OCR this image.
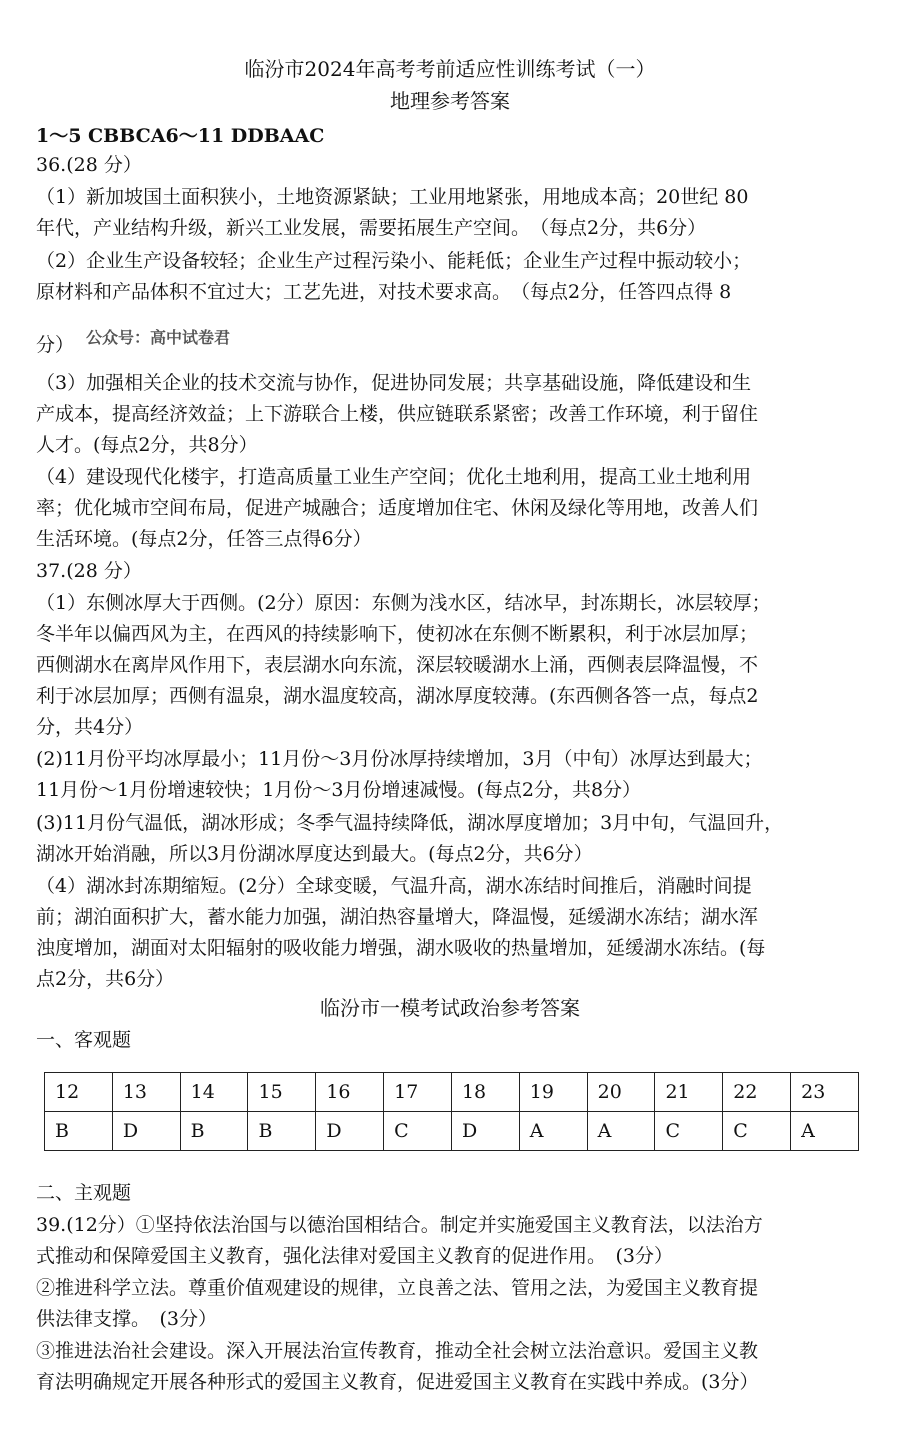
临汾市2024年高考考前适应性训练考试（一）
地理参考答案
1～5 CBBCA6～11 DDBAAC
36.(28 分）
（1）新加坡国土面积狭小，土地资源紧缺；工业用地紧张，用地成本高；20世纪 80
年代，产业结构升级，新兴工业发展，需要拓展生产空间。　（每点2分，共6分）
（2）企业生产设备较轻；企业生产过程污染小、能耗低；企业生产过程中振动较小；
原材料和产品体积不宜过大；工艺先进，对技术要求高。　（每点2分，任答四点得 8
分） 公众号：高中试卷君
（3）加强相关企业的技术交流与协作，促进协同发展；共享基础设施，降低建设和生
产成本，提高经济效益；上下游联合上楼，供应链联系紧密；改善工作环境，利于留住
人才。(每点2分，共8分）
（4）建设现代化楼宇，打造高质量工业生产空间；优化土地利用，提高工业土地利用
率；优化城市空间布局，促进产城融合；适度增加住宅、休闲及绿化等用地，改善人们
生活环境。(每点2分，任答三点得6分）
37.(28 分）
（1）东侧冰厚大于西侧。(2分）原因：东侧为浅水区，结冰早，封冻期长，冰层较厚；
冬半年以偏西风为主，在西风的持续影响下，使初冰在东侧不断累积，利于冰层加厚；
西侧湖水在离岸风作用下，表层湖水向东流，深层较暖湖水上涌，西侧表层降温慢，不
利于冰层加厚；西侧有温泉，湖水温度较高，湖冰厚度较薄。(东西侧各答一点，每点2
分，共4分）
(2)11月份平均冰厚最小；11月份～3月份冰厚持续增加，3月（中旬）冰厚达到最大；
11月份～1月份增速较快；1月份～3月份增速减慢。(每点2分，共8分）
(3)11月份气温低，湖冰形成；冬季气温持续降低，湖冰厚度增加；3月中旬，气温回升，
湖冰开始消融，所以3月份湖冰厚度达到最大。(每点2分，共6分）
（4）湖冰封冻期缩短。(2分）全球变暖，气温升高，湖水冻结时间推后，消融时间提
前；湖泊面积扩大，蓄水能力加强，湖泊热容量增大，降温慢，延缓湖水冻结；湖水浑
浊度增加，湖面对太阳辐射的吸收能力增强，湖水吸收的热量增加，延缓湖水冻结。(每
点2分，共6分）
临汾市一模考试政治参考答案
一、客观题
12	13	14	15	16	17	18	19	20	21	22	23
B	D	B	B	D	C	D	A	A	C	C	A
二、主观题
39.(12分）①坚持依法治国与以德治国相结合。制定并实施爱国主义教育法，以法治方
式推动和保障爱国主义教育，强化法律对爱国主义教育的促进作用。　(3分）
②推进科学立法。尊重价值观建设的规律，立良善之法、管用之法，为爱国主义教育提
供法律支撑。　(3分）
③推进法治社会建设。深入开展法治宣传教育，推动全社会树立法治意识。爱国主义教
育法明确规定开展各种形式的爱国主义教育，促进爱国主义教育在实践中养成。(3分）
